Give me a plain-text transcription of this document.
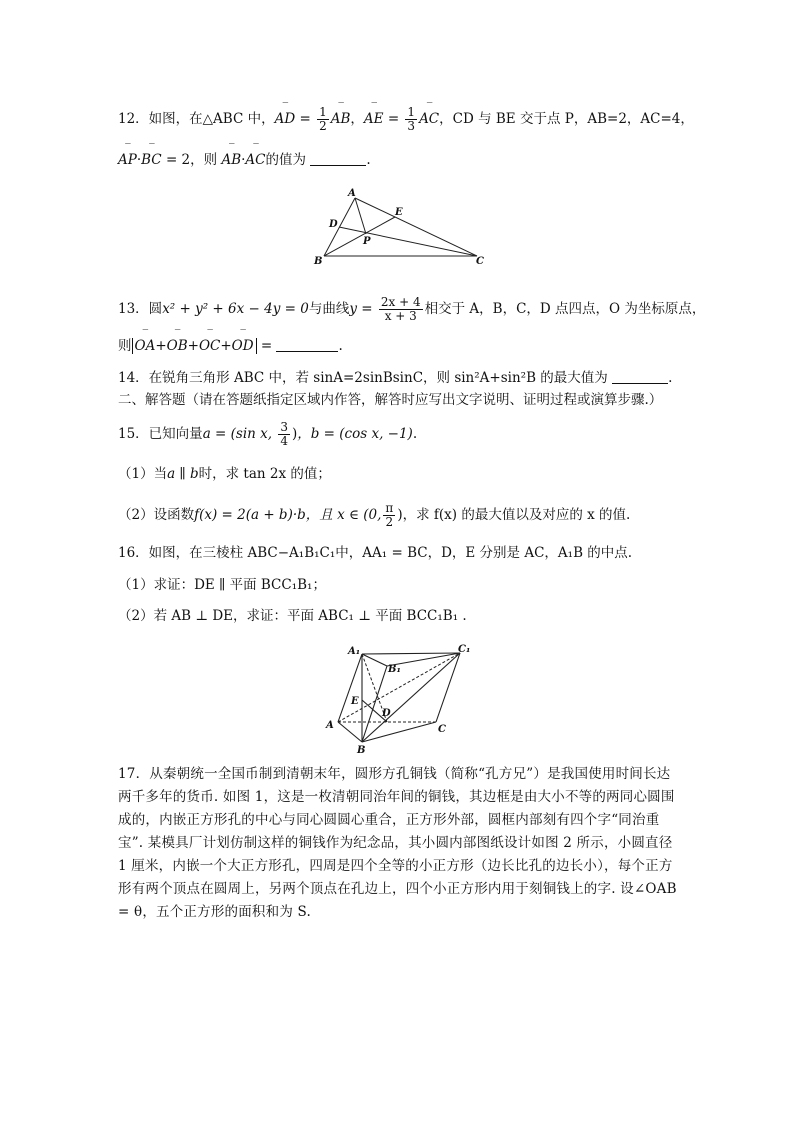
12．如图，在△ABC 中，‾ AD = $\frac{1}{2}$ ‾ AB，‾ AE = $\frac{1}{3}$ ‾ AC，CD 与 BE 交于点 P，AB=2，AC=4，
‾ AP·‾ BC = 2，则 ‾ AB·‾ AC的值为	.
A
B	C
D
E
P
13．圆x² + y² + 6x − 4y = 0与曲线$y = \frac{2x + 4}{x + 3}$ 相交于 A，B，C，D 点四点，O 为坐标原点，
则 ‾ OA+‾ OB+‾ OC+‾ OD =	.
14．在锐角三角形 ABC 中，若 sinA=2sinBsinC，则 sin²A+sin²B 的最大值为	.
二、解答题（请在答题纸指定区域内作答，解答时应写出文字说明、证明过程或演算步骤.）
15．已知向量a = (sin x, $\frac{3}{4}$ )，b = (cos x, −1).
（1）当a ∥ b时，求 tan 2x 的值；
（2）设函数f(x) = 2(a + b)·b，且 x ∈ (0, $\frac{\pi}{2}$ )，求 f(x) 的最大值以及对应的 x 的值.
16．如图，在三棱柱 ABC−A₁B₁C₁中，AA₁ = BC，D，E 分别是 AC，A₁B 的中点.
（1）求证：DE ∥ 平面 BCC₁B₁；
（2）若 AB ⊥ DE，求证：平面 ABC₁ ⊥ 平面 BCC₁B₁ .
A₁
B₁
C₁
A
B
C
D
E
17．从秦朝统一全国币制到清朝末年，圆形方孔铜钱（简称“孔方兄”）是我国使用时间长达两千多年的货币. 如图 1，这是一枚清朝同治年间的铜钱，其边框是由大小不等的两同心圆围成的，内嵌正方形孔的中心与同心圆圆心重合，正方形外部，圆框内部刻有四个字“同治重宝”. 某模具厂计划仿制这样的铜钱作为纪念品，其小圆内部图纸设计如图 2 所示，小圆直径 1 厘米，内嵌一个大正方形孔，四周是四个全等的小正方形（边长比孔的边长小），每个正方形有两个顶点在圆周上，另两个顶点在孔边上，四个小正方形内用于刻铜钱上的字. 设∠OAB = θ，五个正方形的面积和为 S.
